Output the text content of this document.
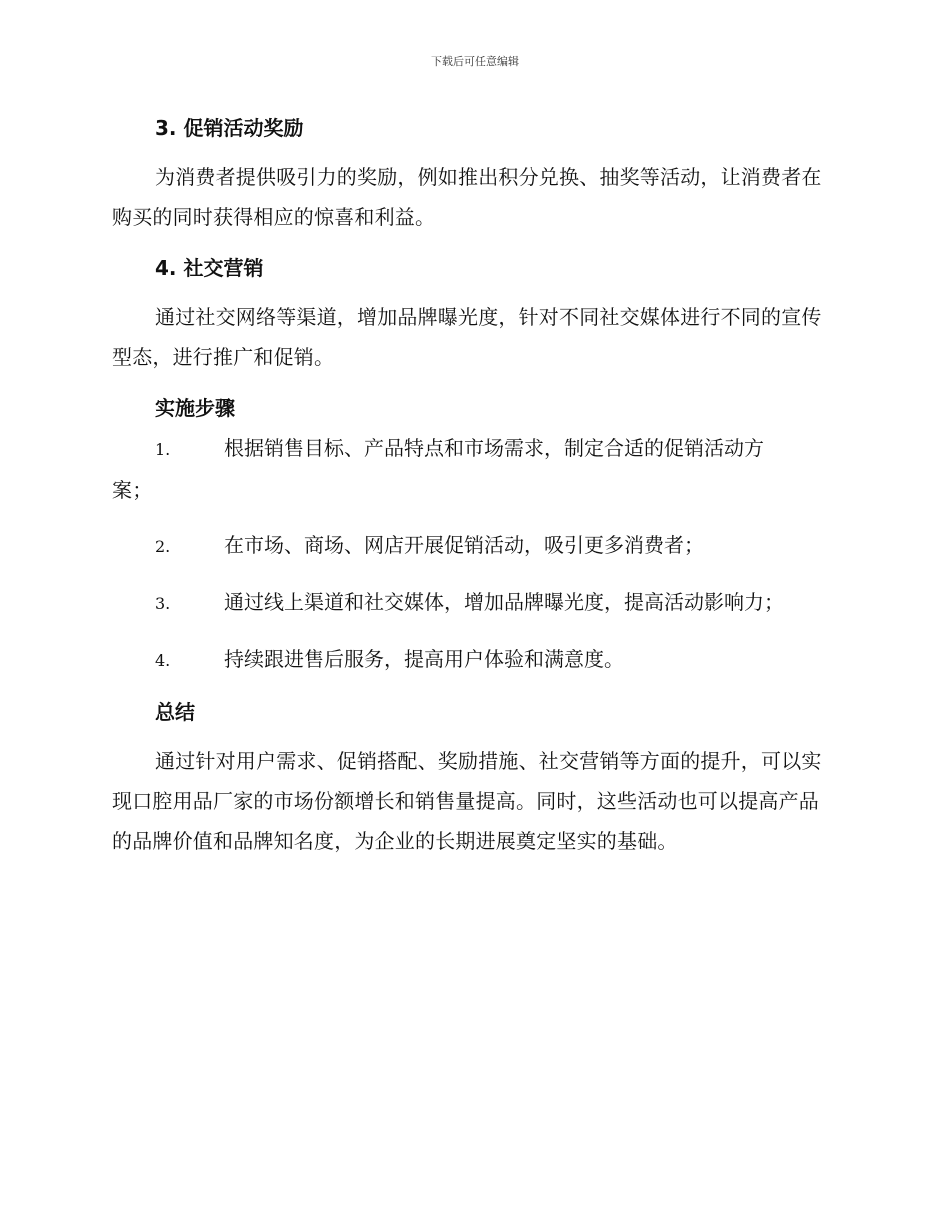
下载后可任意编辑
3. 促销活动奖励

为消费者提供吸引力的奖励，例如推出积分兑换、抽奖等活动，让消费者在购买的同时获得相应的惊喜和利益。

4. 社交营销

通过社交网络等渠道，增加品牌曝光度，针对不同社交媒体进行不同的宣传型态，进行推广和促销。

实施步骤
1.	根据销售目标、产品特点和市场需求，制定合适的促销活动方

案；

2.	在市场、商场、网店开展促销活动，吸引更多消费者；
3.	通过线上渠道和社交媒体，增加品牌曝光度，提高活动影响力；
4.	持续跟进售后服务，提高用户体验和满意度。
总结

通过针对用户需求、促销搭配、奖励措施、社交营销等方面的提升，可以实现口腔用品厂家的市场份额增长和销售量提高。同时，这些活动也可以提高产品的品牌价值和品牌知名度，为企业的长期进展奠定坚实的基础。
